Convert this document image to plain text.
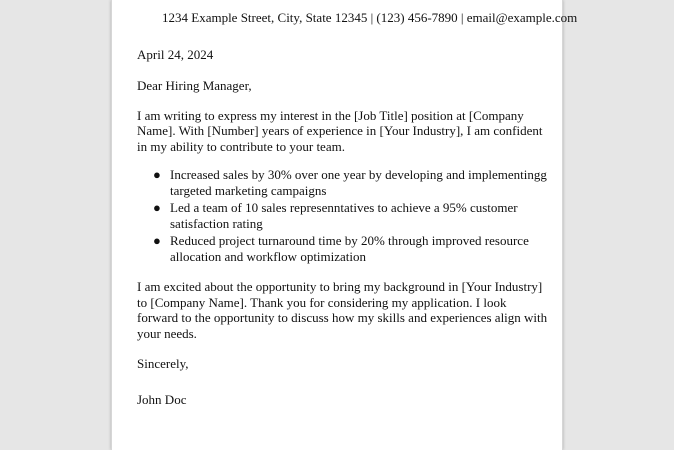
1234 Example Street, City, State 12345 | (123) 456-7890 | email@example.com

April 24, 2024

Dear Hiring Manager,

I am writing to express my interest in the [Job Title] position at [Company Name]. With [Number] years of experience in [Your Industry], I am confident in my ability to contribute to your team.

● Increased sales by 30% over one year by developing and implementingg targeted marketing campaigns
● Led a team of 10 sales represenntatives to achieve a 95% customer satisfaction rating
● Reduced project turnaround time by 20% through improved resource allocation and workflow optimization

I am excited about the opportunity to bring my background in [Your Industry] to [Company Name]. Thank you for considering my application. I look forward to the opportunity to discuss how my skills and experiences align with your needs.

Sincerely,

John Doc
